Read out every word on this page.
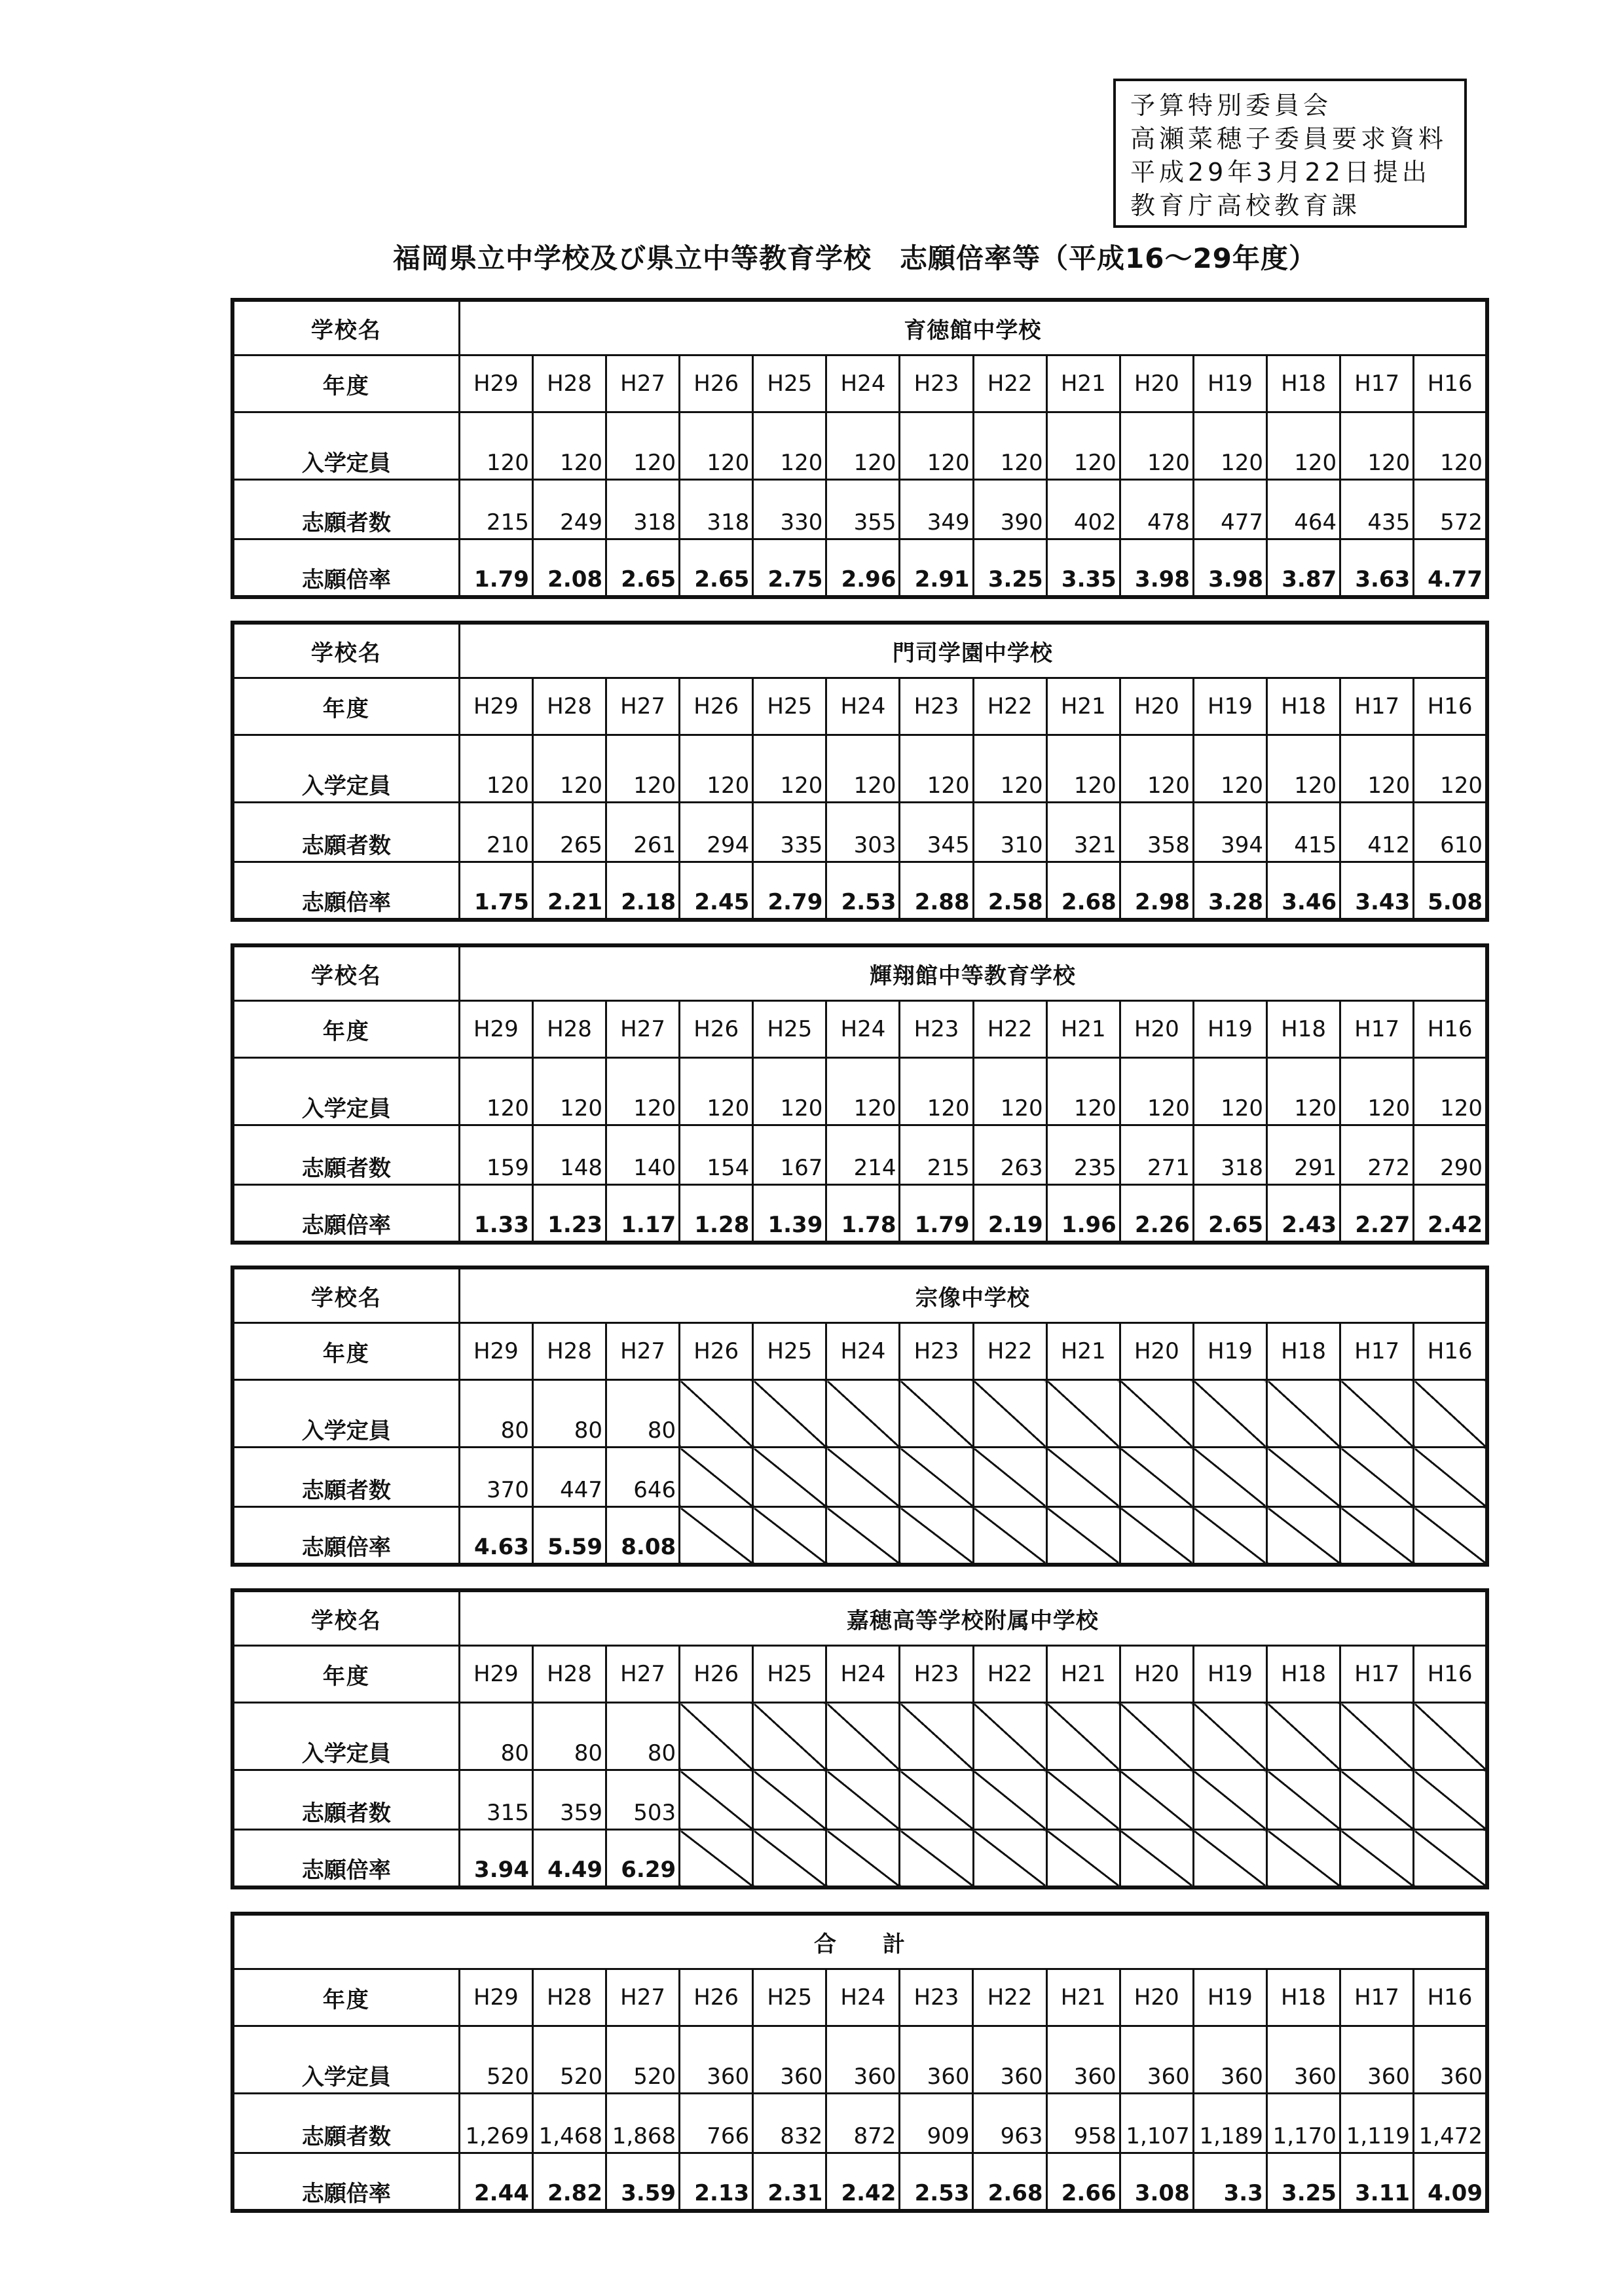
予算特別委員会
高瀬菜穂子委員要求資料
平成29年3月22日提出
教育庁高校教育課
福岡県立中学校及び県立中等教育学校　志願倍率等（平成16～29年度）
学校名	育徳館中学校													
年度	H29	H28	H27	H26	H25	H24	H23	H22	H21	H20	H19	H18	H17	H16
入学定員	120	120	120	120	120	120	120	120	120	120	120	120	120	120
志願者数	215	249	318	318	330	355	349	390	402	478	477	464	435	572
志願倍率	1.79	2.08	2.65	2.65	2.75	2.96	2.91	3.25	3.35	3.98	3.98	3.87	3.63	4.77
学校名	門司学園中学校													
年度	H29	H28	H27	H26	H25	H24	H23	H22	H21	H20	H19	H18	H17	H16
入学定員	120	120	120	120	120	120	120	120	120	120	120	120	120	120
志願者数	210	265	261	294	335	303	345	310	321	358	394	415	412	610
志願倍率	1.75	2.21	2.18	2.45	2.79	2.53	2.88	2.58	2.68	2.98	3.28	3.46	3.43	5.08
学校名	輝翔館中等教育学校													
年度	H29	H28	H27	H26	H25	H24	H23	H22	H21	H20	H19	H18	H17	H16
入学定員	120	120	120	120	120	120	120	120	120	120	120	120	120	120
志願者数	159	148	140	154	167	214	215	263	235	271	318	291	272	290
志願倍率	1.33	1.23	1.17	1.28	1.39	1.78	1.79	2.19	1.96	2.26	2.65	2.43	2.27	2.42
学校名	宗像中学校													
年度	H29	H28	H27	H26	H25	H24	H23	H22	H21	H20	H19	H18	H17	H16
入学定員	80	80	80											
志願者数	370	447	646											
志願倍率	4.63	5.59	8.08											
学校名	嘉穂高等学校附属中学校													
年度	H29	H28	H27	H26	H25	H24	H23	H22	H21	H20	H19	H18	H17	H16
入学定員	80	80	80											
志願者数	315	359	503											
志願倍率	3.94	4.49	6.29											
合　　計														
年度	H29	H28	H27	H26	H25	H24	H23	H22	H21	H20	H19	H18	H17	H16
入学定員	520	520	520	360	360	360	360	360	360	360	360	360	360	360
志願者数	1,269	1,468	1,868	766	832	872	909	963	958	1,107	1,189	1,170	1,119	1,472
志願倍率	2.44	2.82	3.59	2.13	2.31	2.42	2.53	2.68	2.66	3.08	3.3	3.25	3.11	4.09
